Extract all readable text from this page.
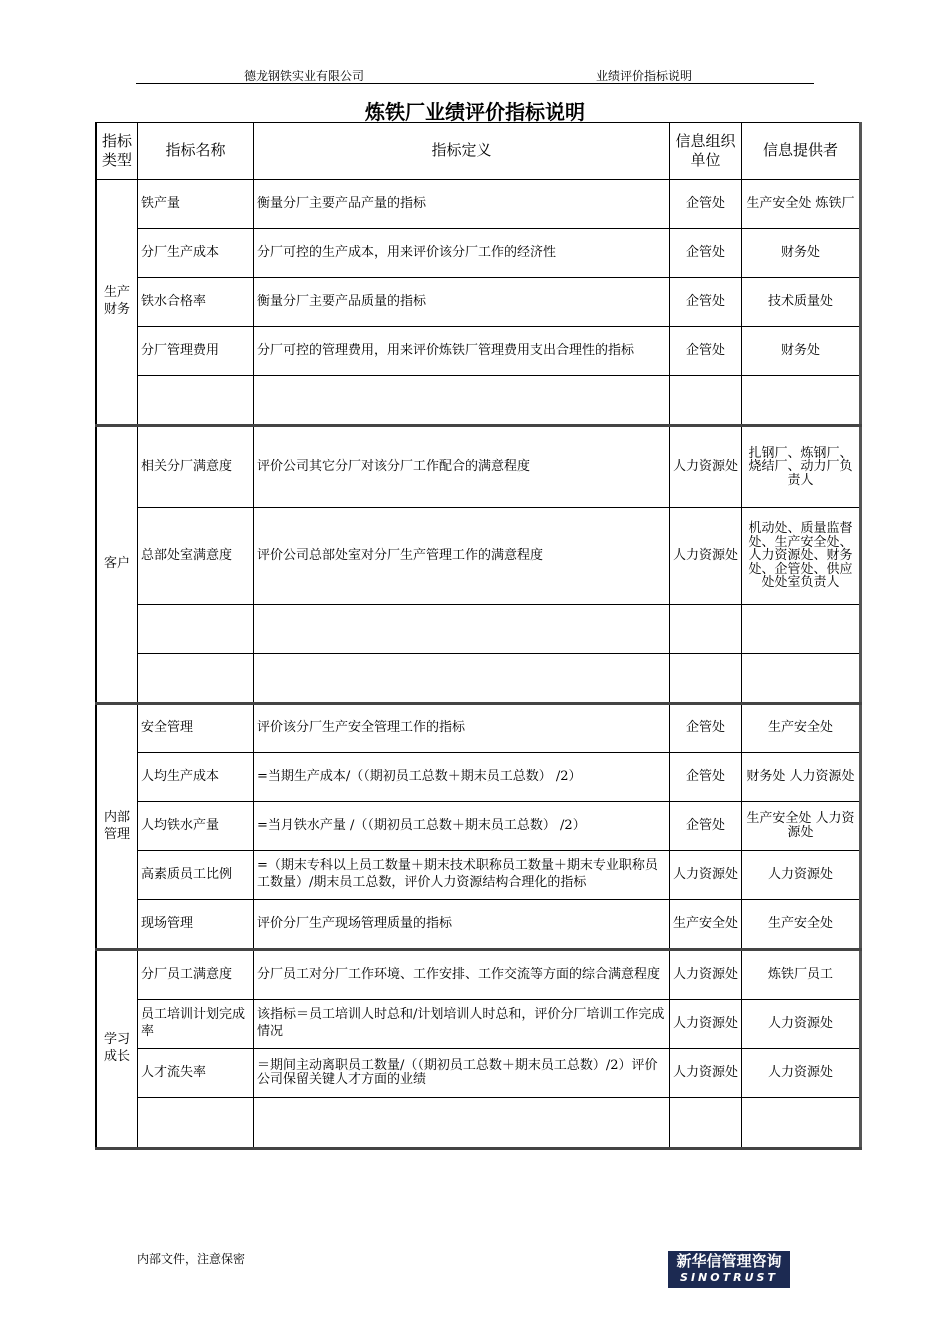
德龙钢铁实业有限公司	业绩评价指标说明
炼铁厂业绩评价指标说明
指标类型	指标名称	指标定义	信息组织单位	信息提供者
生产财务	铁产量	衡量分厂主要产品产量的指标	企管处	生产安全处 炼铁厂
	分厂生产成本	分厂可控的生产成本，用来评价该分厂工作的经济性	企管处	财务处
	铁水合格率	衡量分厂主要产品质量的指标	企管处	技术质量处
	分厂管理费用	分厂可控的管理费用，用来评价炼铁厂管理费用支出合理性的指标	企管处	财务处

客户	相关分厂满意度	评价公司其它分厂对该分厂工作配合的满意程度	人力资源处	扎钢厂、炼钢厂、烧结厂、动力厂负责人
	总部处室满意度	评价公司总部处室对分厂生产管理工作的满意程度	人力资源处	机动处、质量监督处、生产安全处、人力资源处、财务处、企管处、供应处处室负责人

内部管理	安全管理	评价该分厂生产安全管理工作的指标	企管处	生产安全处
	人均生产成本	=当期生产成本/（（期初员工总数＋期末员工总数） /2）	企管处	财务处 人力资源处
	人均铁水产量	=当月铁水产量 /（（期初员工总数＋期末员工总数） /2）	企管处	生产安全处 人力资源处
	高素质员工比例	=（期末专科以上员工数量＋期末技术职称员工数量＋期末专业职称员工数量）/期末员工总数，评价人力资源结构合理化的指标	人力资源处	人力资源处
	现场管理	评价分厂生产现场管理质量的指标	生产安全处	生产安全处
学习成长	分厂员工满意度	分厂员工对分厂工作环境、工作安排、工作交流等方面的综合满意程度	人力资源处	炼铁厂员工
	员工培训计划完成率	该指标＝员工培训人时总和/计划培训人时总和，评价分厂培训工作完成情况	人力资源处	人力资源处
	人才流失率	＝期间主动离职员工数量/（（期初员工总数＋期末员工总数）/2）评价公司保留关键人才方面的业绩	人力资源处	人力资源处

内部文件，注意保密	新华信管理咨询
SINOTRUST
